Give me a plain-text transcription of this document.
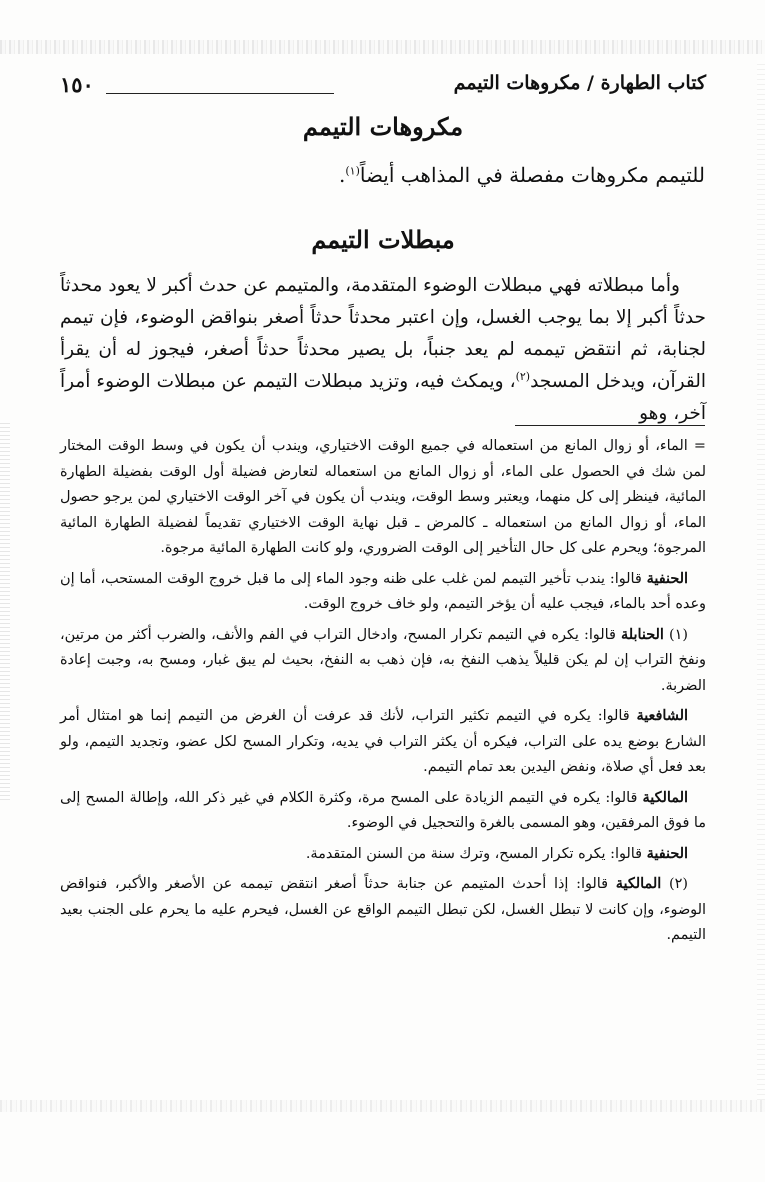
١٥٠	كتاب الطهارة / مكروهات التيمم
مكروهات التيمم
للتيمم مكروهات مفصلة في المذاهب أيضاً$^{(١)}$.
مبطلات التيمم

وأما مبطلاته فهي مبطلات الوضوء المتقدمة، والمتيمم عن حدث أكبر لا يعود محدثاً حدثاً أكبر إلا بما يوجب الغسل، وإن اعتبر محدثاً حدثاً أصغر بنواقض الوضوء، فإن تيمم لجنابة، ثم انتقض تيممه لم يعد جنباً، بل يصير محدثاً حدثاً أصغر، فيجوز له أن يقرأ القرآن، ويدخل المسجد$^{(٢)}$، ويمكث فيه، وتزيد مبطلات التيمم عن مبطلات الوضوء أمراً آخر، وهو

= الماء، أو زوال المانع من استعماله في جميع الوقت الاختياري، ويندب أن يكون في وسط الوقت المختار لمن شك في الحصول على الماء، أو زوال المانع من استعماله لتعارض فضيلة أول الوقت بفضيلة الطهارة المائية، فينظر إلى كل منهما، ويعتبر وسط الوقت، ويندب أن يكون في آخر الوقت الاختياري لمن يرجو حصول الماء، أو زوال المانع من استعماله ـ كالمرض ـ قبل نهاية الوقت الاختياري تقديماً لفضيلة الطهارة المائية المرجوة؛ ويحرم على كل حال التأخير إلى الوقت الضروري، ولو كانت الطهارة المائية مرجوة.

الحنفية قالوا: يندب تأخير التيمم لمن غلب على ظنه وجود الماء إلى ما قبل خروج الوقت المستحب، أما إن وعده أحد بالماء، فيجب عليه أن يؤخر التيمم، ولو خاف خروج الوقت.

(١) الحنابلة قالوا: يكره في التيمم تكرار المسح، وادخال التراب في الفم والأنف، والضرب أكثر من مرتين، ونفخ التراب إن لم يكن قليلاً يذهب النفخ به، فإن ذهب به النفخ، بحيث لم يبق غبار، ومسح به، وجبت إعادة الضربة.

الشافعية قالوا: يكره في التيمم تكثير التراب، لأنك قد عرفت أن الغرض من التيمم إنما هو امتثال أمر الشارع بوضع يده على التراب، فيكره أن يكثر التراب في يديه، وتكرار المسح لكل عضو، وتجديد التيمم، ولو بعد فعل أي صلاة، ونفض اليدين بعد تمام التيمم.

المالكية قالوا: يكره في التيمم الزيادة على المسح مرة، وكثرة الكلام في غير ذكر الله، وإطالة المسح إلى ما فوق المرفقين، وهو المسمى بالغرة والتحجيل في الوضوء.

الحنفية قالوا: يكره تكرار المسح، وترك سنة من السنن المتقدمة.

(٢) المالكية قالوا: إذا أحدث المتيمم عن جنابة حدثاً أصغر انتقض تيممه عن الأصغر والأكبر، فنواقض الوضوء، وإن كانت لا تبطل الغسل، لكن تبطل التيمم الواقع عن الغسل، فيحرم عليه ما يحرم على الجنب بعيد التيمم.
